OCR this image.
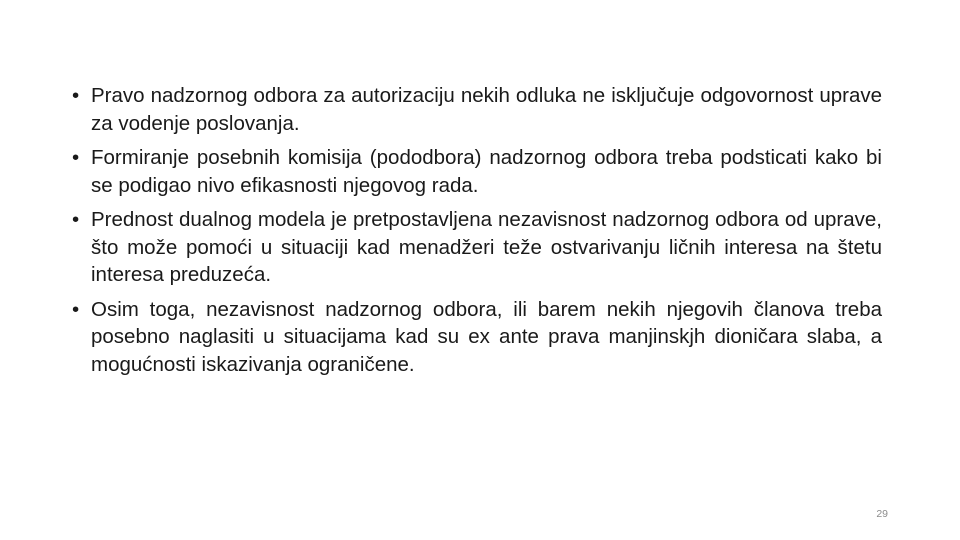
• Pravo nadzornog odbora za autorizaciju nekih odluka ne isključuje odgovornost uprave za vodenje poslovanja.
• Formiranje posebnih komisija (pododbora) nadzornog odbora treba podsticati kako bi se podigao nivo efikasnosti njegovog rada.
• Prednost dualnog modela je pretpostavljena nezavisnost nadzornog odbora od uprave, što može pomoći u situaciji kad menadžeri teže ostvarivanju ličnih interesa na štetu interesa preduzeća.
• Osim toga, nezavisnost nadzornog odbora, ili barem nekih njegovih članova treba posebno naglasiti u situacijama kad su ex ante prava manjinskjh dioničara slaba, a mogućnosti iskazivanja ograničene.
29
